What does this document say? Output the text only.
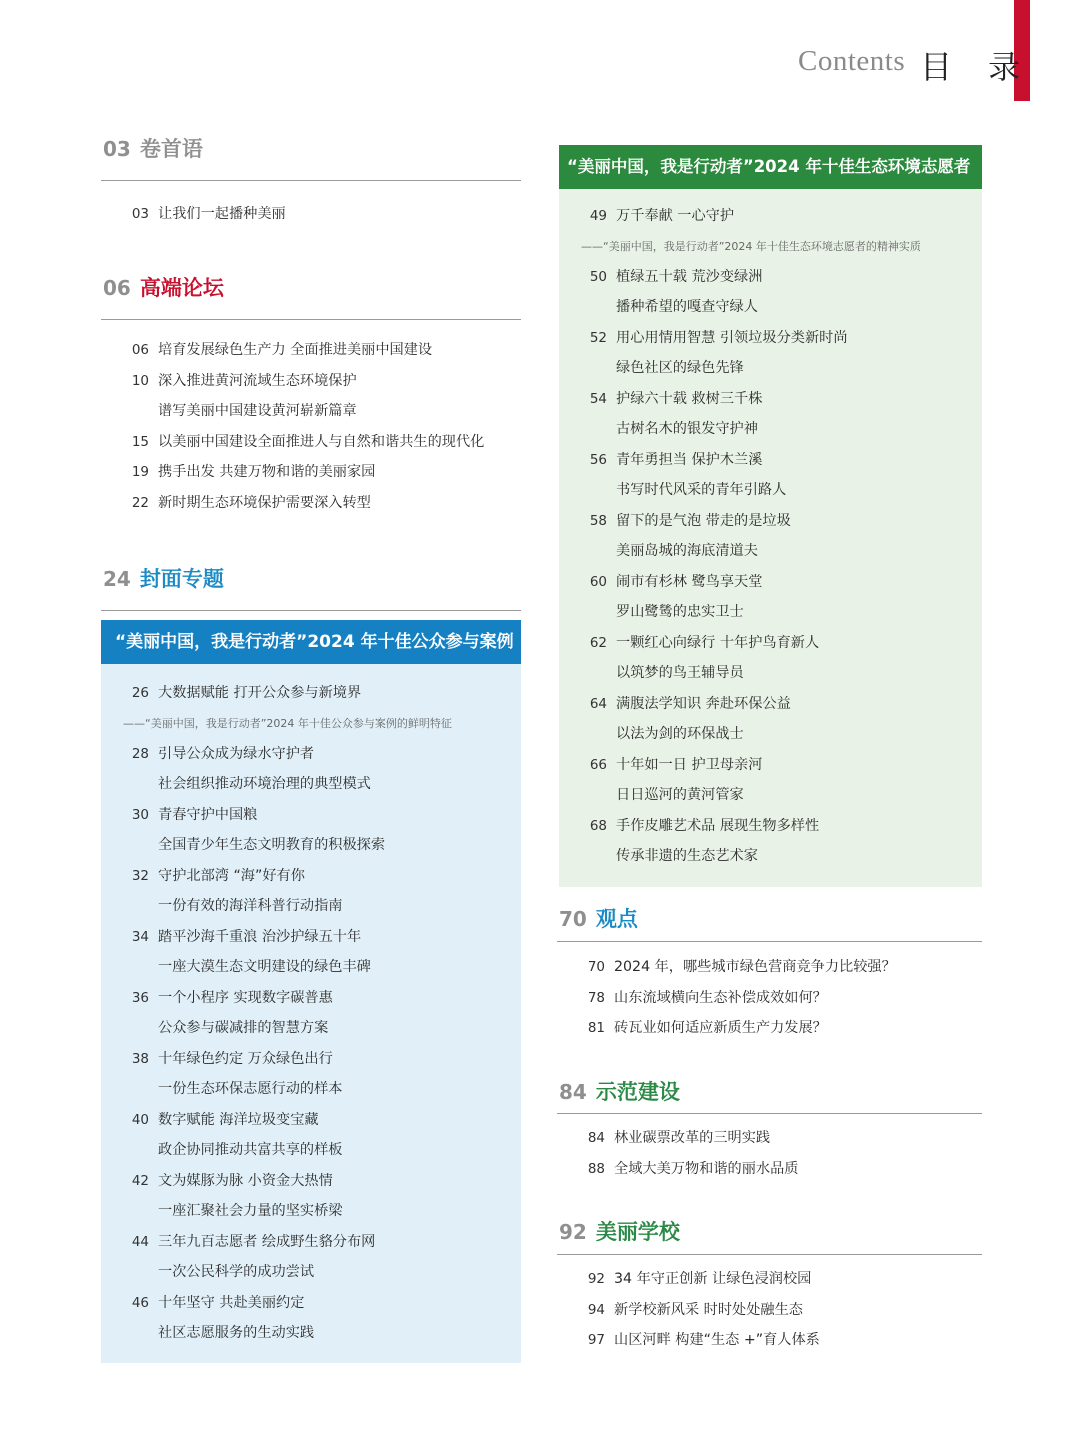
Contents 目 录
03 卷首语
03 让我们一起播种美丽

06 高端论坛
06 培育发展绿色生产力 全面推进美丽中国建设

10 深入推进黄河流域生态环境保护

谱写美丽中国建设黄河崭新篇章
15 以美丽中国建设全面推进人与自然和谐共生的现代化

19 携手出发 共建万物和谐的美丽家园

22 新时期生态环境保护需要深入转型

24 封面专题
“美丽中国，我是行动者”2024 年十佳公众参与案例
26 大数据赋能 打开公众参与新境界

——“美丽中国，我是行动者”2024 年十佳公众参与案例的鲜明特征
28 引导公众成为绿水守护者

社会组织推动环境治理的典型模式
30 青春守护中国粮

全国青少年生态文明教育的积极探索
32 守护北部湾 “海”好有你

一份有效的海洋科普行动指南
34 踏平沙海千重浪 治沙护绿五十年

一座大漠生态文明建设的绿色丰碑
36 一个小程序 实现数字碳普惠

公众参与碳减排的智慧方案
38 十年绿色约定 万众绿色出行

一份生态环保志愿行动的样本
40 数字赋能 海洋垃圾变宝藏

政企协同推动共富共享的样板
42 文为媒豚为脉 小资金大热情

一座汇聚社会力量的坚实桥梁
44 三年九百志愿者 绘成野生貉分布网

一次公民科学的成功尝试
46 十年坚守 共赴美丽约定

社区志愿服务的生动实践
“美丽中国，我是行动者”2024 年十佳生态环境志愿者
49 万千奉献 一心守护

——“美丽中国，我是行动者”2024 年十佳生态环境志愿者的精神实质
50 植绿五十载 荒沙变绿洲

播种希望的嘎查守绿人
52 用心用情用智慧 引领垃圾分类新时尚

绿色社区的绿色先锋
54 护绿六十载 救树三千株

古树名木的银发守护神
56 青年勇担当 保护木兰溪

书写时代风采的青年引路人
58 留下的是气泡 带走的是垃圾

美丽岛城的海底清道夫
60 闹市有杉林 鹭鸟享天堂

罗山鹭鸶的忠实卫士
62 一颗红心向绿行 十年护鸟育新人

以筑梦的鸟王辅导员
64 满腹法学知识 奔赴环保公益

以法为剑的环保战士
66 十年如一日 护卫母亲河

日日巡河的黄河管家
68 手作皮雕艺术品 展现生物多样性

传承非遗的生态艺术家
70 观点
70 2024 年，哪些城市绿色营商竞争力比较强？

78 山东流域横向生态补偿成效如何？

81 砖瓦业如何适应新质生产力发展？

84 示范建设
84 林业碳票改革的三明实践

88 全域大美万物和谐的丽水品质

92 美丽学校
92 34 年守正创新 让绿色浸润校园

94 新学校新风采 时时处处融生态

97 山区河畔 构建“生态 +”育人体系
